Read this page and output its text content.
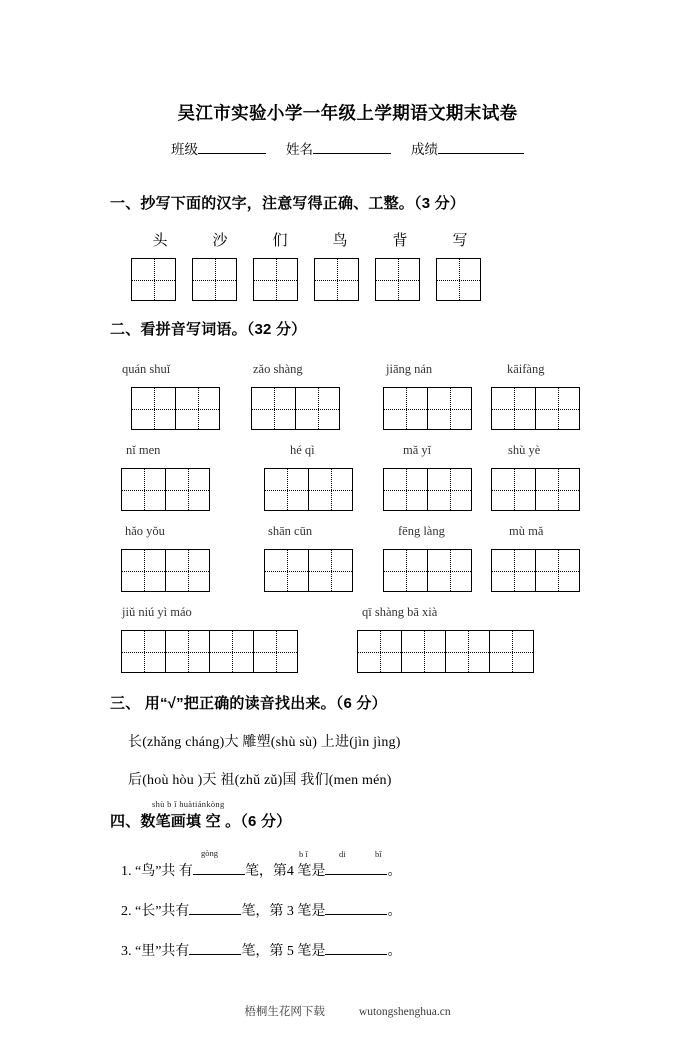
吴江市实验小学一年级上学期语文期末试卷
班级	姓名	成绩
一、抄写下面的汉字，注意写得正确、工整。（3 分）
头	沙	们	鸟	背	写
二、看拼音写词语。（32 分）
quán shuǐ	zǎo shàng	jiāng nán	kāifàng
nǐ men	hé qì	mǎ yǐ	shù yè
hǎo yǒu	shān cūn	fēng làng	mù mǎ
jiǔ niú yì máo	qī shàng bā xià
三、 用“√”把正确的读音找出来。（6 分）
长(zhǎng cháng)大 雕塑(shù sù) 上进(jìn jìng)
后(hoù hòu )天 祖(zhǔ zǔ)国 我们(men mén)
shù b ǐ huàtiánkòng
四、数笔画填 空 。（6 分）
gòng	b ǐ	di	bǐ
1. “鸟”共 有	笔，第4 笔是	。
2. “长”共有	笔，第 3 笔是	。
3. “里”共有	笔，第 5 笔是	。
梧桐生花网下载	wutongshenghua.cn
